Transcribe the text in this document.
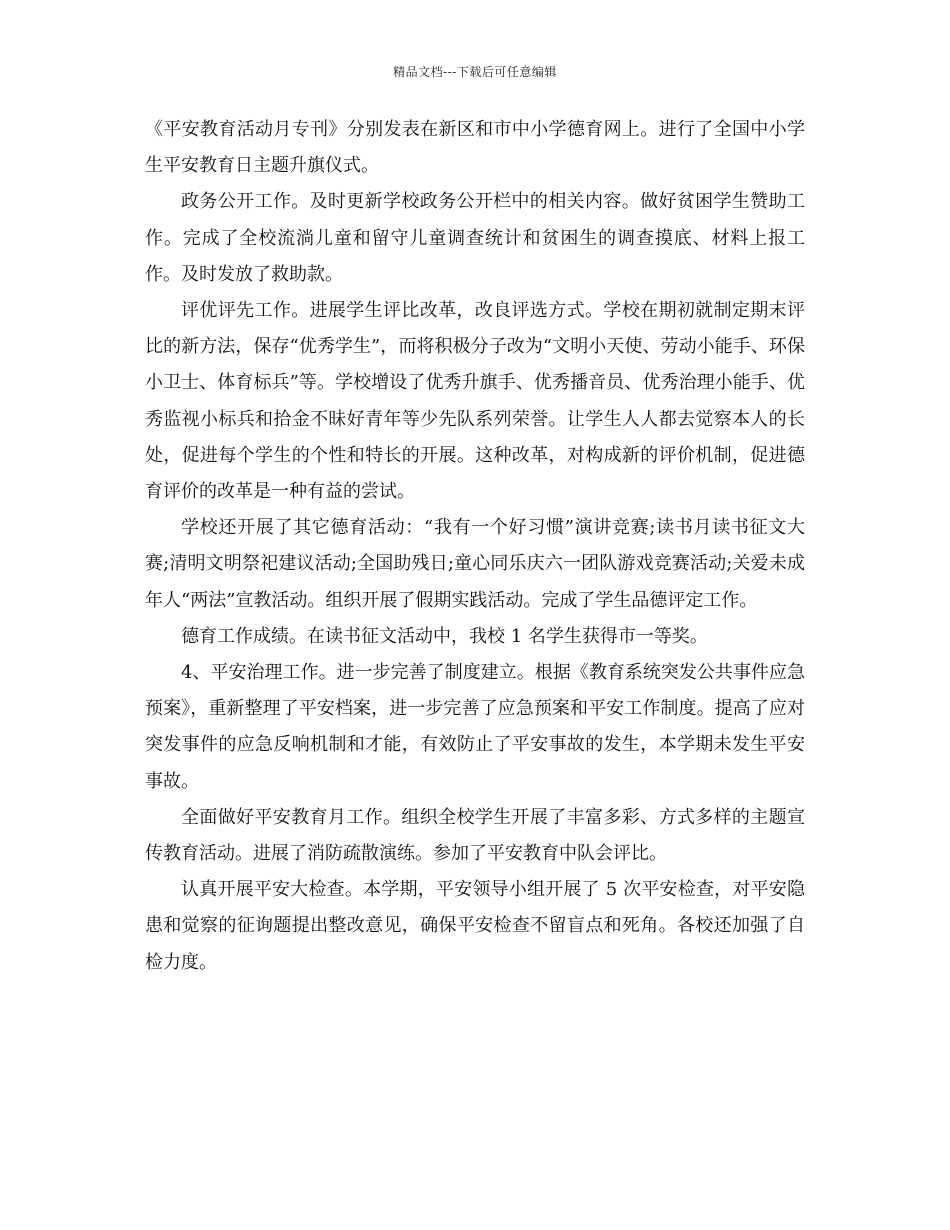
精品文档---下载后可任意编辑

《平安教育活动月专刊》分别发表在新区和市中小学德育网上。进行了全国中小学生平安教育日主题升旗仪式。

政务公开工作。及时更新学校政务公开栏中的相关内容。做好贫困学生赞助工作。完成了全校流淌儿童和留守儿童调查统计和贫困生的调查摸底、材料上报工作。及时发放了救助款。

评优评先工作。进展学生评比改革，改良评选方式。学校在期初就制定期末评比的新方法，保存“优秀学生”，而将积极分子改为“文明小天使、劳动小能手、环保小卫士、体育标兵”等。学校增设了优秀升旗手、优秀播音员、优秀治理小能手、优秀监视小标兵和拾金不昧好青年等少先队系列荣誉。让学生人人都去觉察本人的长处，促进每个学生的个性和特长的开展。这种改革，对构成新的评价机制，促进德育评价的改革是一种有益的尝试。

学校还开展了其它德育活动：“我有一个好习惯”演讲竞赛;读书月读书征文大赛;清明文明祭祀建议活动;全国助残日;童心同乐庆六一团队游戏竞赛活动;关爱未成年人“两法”宣教活动。组织开展了假期实践活动。完成了学生品德评定工作。

德育工作成绩。在读书征文活动中，我校 1 名学生获得市一等奖。

4、平安治理工作。进一步完善了制度建立。根据《教育系统突发公共事件应急预案》，重新整理了平安档案，进一步完善了应急预案和平安工作制度。提高了应对突发事件的应急反响机制和才能，有效防止了平安事故的发生，本学期未发生平安事故。

全面做好平安教育月工作。组织全校学生开展了丰富多彩、方式多样的主题宣传教育活动。进展了消防疏散演练。参加了平安教育中队会评比。

认真开展平安大检查。本学期，平安领导小组开展了 5 次平安检查，对平安隐患和觉察的征询题提出整改意见，确保平安检查不留盲点和死角。各校还加强了自检力度。
